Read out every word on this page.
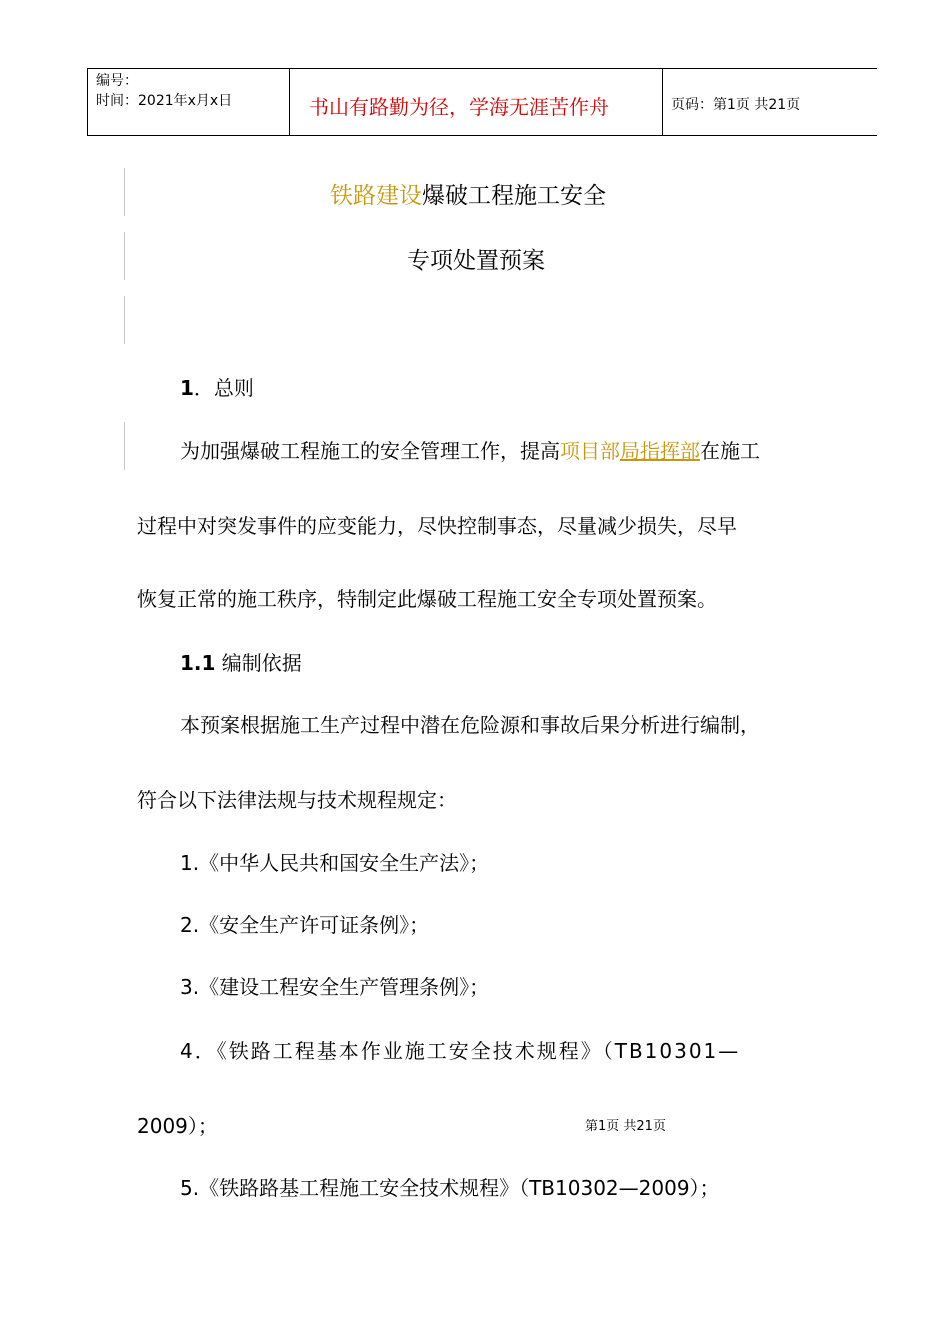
编号：
时间：2021年x月x日	书山有路勤为径，学海无涯苦作舟	页码：第1页 共21页
铁路建设爆破工程施工安全
专项处置预案
1．总则
为加强爆破工程施工的安全管理工作，提高项目部局指挥部在施工
过程中对突发事件的应变能力，尽快控制事态，尽量减少损失，尽早
恢复正常的施工秩序，特制定此爆破工程施工安全专项处置预案。
1.1 编制依据
本预案根据施工生产过程中潜在危险源和事故后果分析进行编制，
符合以下法律法规与技术规程规定：
1.《中华人民共和国安全生产法》；
2.《安全生产许可证条例》；
3.《建设工程安全生产管理条例》；
4．《铁路工程基本作业施工安全技术规程》（TB10301—
2009）；
5.《铁路路基工程施工安全技术规程》（TB10302—2009）；
第1页 共21页
